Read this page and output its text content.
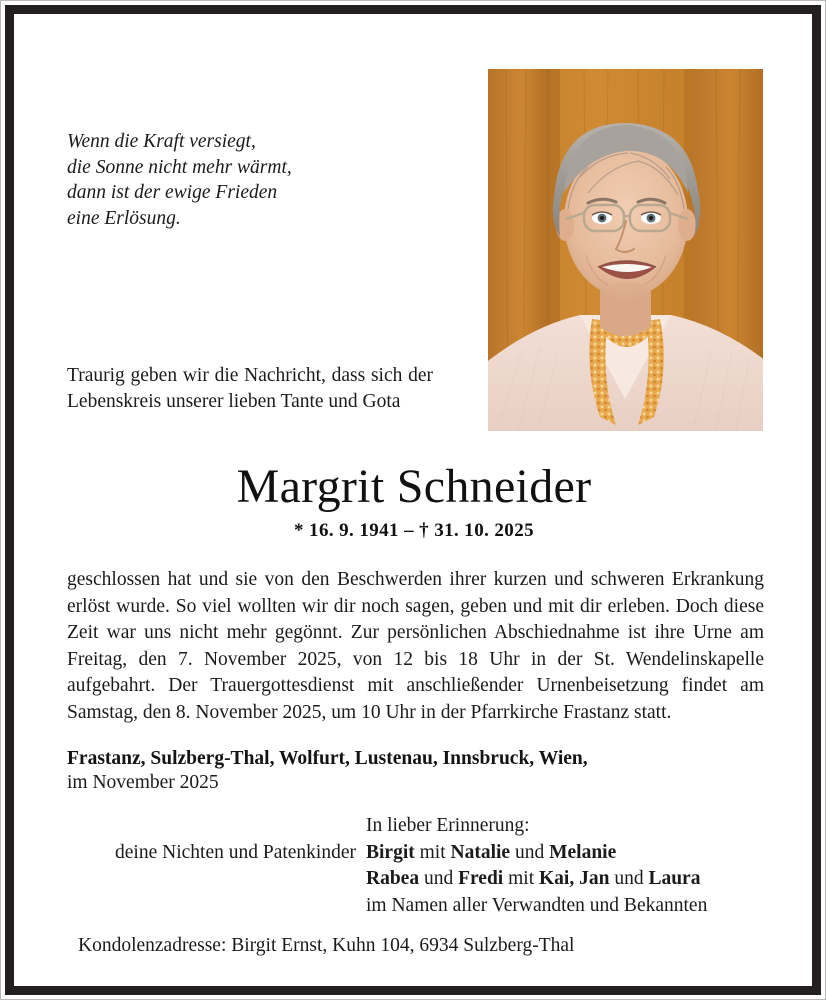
Wenn die Kraft versiegt,
die Sonne nicht mehr wärmt,
dann ist der ewige Frieden
eine Erlösung.
Traurig geben wir die Nachricht, dass sich der Lebenskreis unserer lieben Tante und Gota
Margrit Schneider
* 16. 9. 1941 – † 31. 10. 2025
geschlossen hat und sie von den Beschwerden ihrer kurzen und schweren Erkrankung erlöst wurde. So viel wollten wir dir noch sagen, geben und mit dir erleben. Doch diese Zeit war uns nicht mehr gegönnt. Zur persönlichen Abschiednahme ist ihre Urne am Freitag, den 7. November 2025, von 12 bis 18 Uhr in der St. Wendelinskapelle aufgebahrt. Der Trauergottesdienst mit anschließender Urnenbeisetzung findet am Samstag, den 8. November 2025, um 10 Uhr in der Pfarrkirche Frastanz statt.
Frastanz, Sulzberg-Thal, Wolfurt, Lustenau, Innsbruck, Wien,
im November 2025
In lieber Erinnerung:
deine Nichten und Patenkinder Birgit mit Natalie und Melanie
Rabea und Fredi mit Kai, Jan und Laura
im Namen aller Verwandten und Bekannten
Kondolenzadresse: Birgit Ernst, Kuhn 104, 6934 Sulzberg-Thal
